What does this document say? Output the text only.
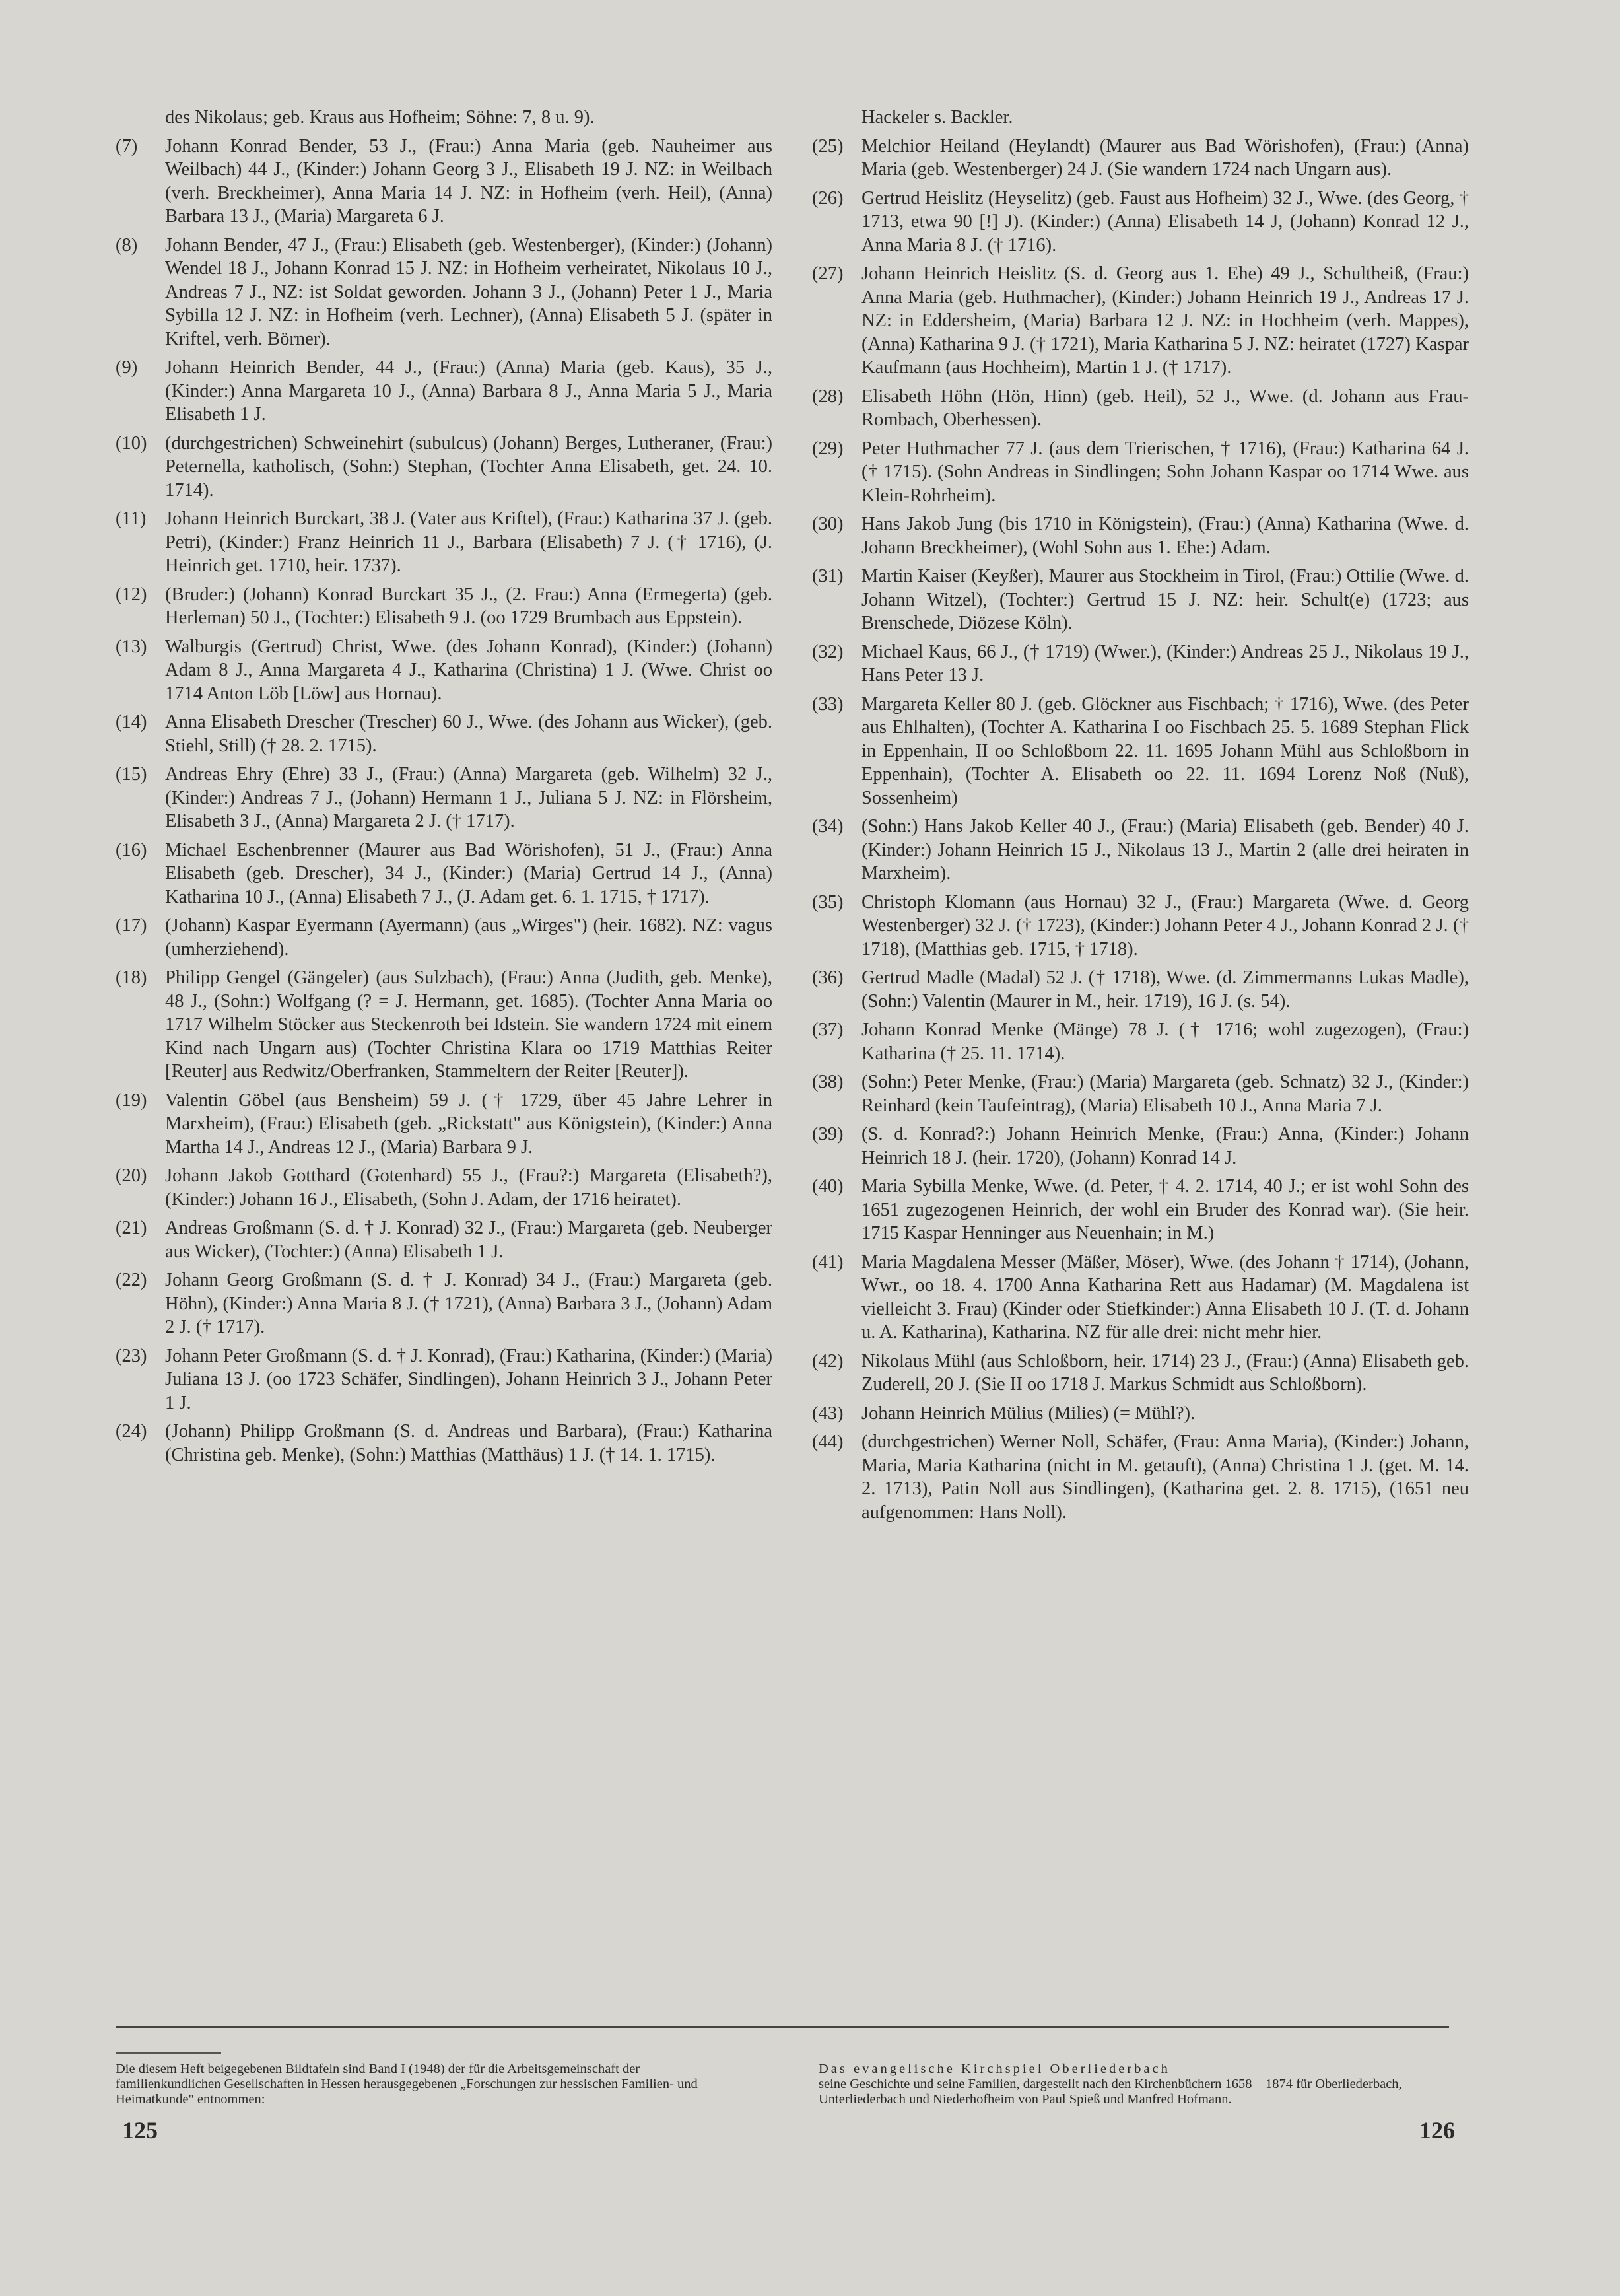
des Nikolaus; geb. Kraus aus Hofheim; Söhne: 7, 8 u. 9).
(7)	Johann Konrad Bender, 53 J., (Frau:) Anna Maria (geb. Nauheimer aus Weilbach) 44 J., (Kinder:) Johann Georg 3 J., Elisabeth 19 J. NZ: in Weilbach (verh. Breckheimer), Anna Maria 14 J. NZ: in Hofheim (verh. Heil), (Anna) Barbara 13 J., (Maria) Margareta 6 J.
(8)	Johann Bender, 47 J., (Frau:) Elisabeth (geb. Westenberger), (Kinder:) (Johann) Wendel 18 J., Johann Konrad 15 J. NZ: in Hofheim verheiratet, Nikolaus 10 J., Andreas 7 J., NZ: ist Soldat geworden. Johann 3 J., (Johann) Peter 1 J., Maria Sybilla 12 J. NZ: in Hofheim (verh. Lechner), (Anna) Elisabeth 5 J. (später in Kriftel, verh. Börner).
(9)	Johann Heinrich Bender, 44 J., (Frau:) (Anna) Maria (geb. Kaus), 35 J., (Kinder:) Anna Margareta 10 J., (Anna) Barbara 8 J., Anna Maria 5 J., Maria Elisabeth 1 J.
(10) (durchgestrichen) Schweinehirt (subulcus) (Johann) Berges, Lutheraner, (Frau:) Peternella, katholisch, (Sohn:) Stephan, (Tochter Anna Elisabeth, get. 24. 10. 1714).
(11)	Johann Heinrich Burckart, 38 J. (Vater aus Kriftel), (Frau:) Katharina 37 J. (geb. Petri), (Kinder:) Franz Heinrich 11 J., Barbara (Elisabeth) 7 J. († 1716), (J. Heinrich get. 1710, heir. 1737).
(12) (Bruder:) (Johann) Konrad Burckart 35 J., (2. Frau:) Anna (Ermegerta) (geb. Herleman) 50 J., (Tochter:) Elisabeth 9 J. (oo 1729 Brumbach aus Eppstein).
(13) Walburgis (Gertrud) Christ, Wwe. (des Johann Konrad), (Kinder:) (Johann) Adam 8 J., Anna Margareta 4 J., Katharina (Christina) 1 J. (Wwe. Christ oo 1714 Anton Löb [Löw] aus Hornau).
(14) Anna Elisabeth Drescher (Trescher) 60 J., Wwe. (des Johann aus Wicker), (geb. Stiehl, Still) († 28. 2. 1715).
(15) Andreas Ehry (Ehre) 33 J., (Frau:) (Anna) Margareta (geb. Wilhelm) 32 J., (Kinder:) Andreas 7 J., (Johann) Hermann 1 J., Juliana 5 J. NZ: in Flörsheim, Elisabeth 3 J., (Anna) Margareta 2 J. († 1717).
(16) Michael Eschenbrenner (Maurer aus Bad Wörishofen), 51 J., (Frau:) Anna Elisabeth (geb. Drescher), 34 J., (Kinder:) (Maria) Gertrud 14 J., (Anna) Katharina 10 J., (Anna) Elisabeth 7 J., (J. Adam get. 6. 1. 1715, † 1717).
(17) (Johann) Kaspar Eyermann (Ayermann) (aus „Wirges") (heir. 1682). NZ: vagus (umherziehend).
(18) Philipp Gengel (Gängeler) (aus Sulzbach), (Frau:) Anna (Judith, geb. Menke), 48 J., (Sohn:) Wolfgang (? = J. Hermann, get. 1685). (Tochter Anna Maria oo 1717 Wilhelm Stöcker aus Steckenroth bei Idstein. Sie wandern 1724 mit einem Kind nach Ungarn aus) (Tochter Christina Klara oo 1719 Matthias Reiter [Reuter] aus Redwitz/Oberfranken, Stammeltern der Reiter [Reuter]).
(19) Valentin Göbel (aus Bensheim) 59 J. († 1729, über 45 Jahre Lehrer in Marxheim), (Frau:) Elisabeth (geb. „Rickstatt" aus Königstein), (Kinder:) Anna Martha 14 J., Andreas 12 J., (Maria) Barbara 9 J.
(20) Johann Jakob Gotthard (Gotenhard) 55 J., (Frau?:) Margareta (Elisabeth?), (Kinder:) Johann 16 J., Elisabeth, (Sohn J. Adam, der 1716 heiratet).
(21) Andreas Großmann (S. d. † J. Konrad) 32 J., (Frau:) Margareta (geb. Neuberger aus Wicker), (Tochter:) (Anna) Elisabeth 1 J.
(22) Johann Georg Großmann (S. d. † J. Konrad) 34 J., (Frau:) Margareta (geb. Höhn), (Kinder:) Anna Maria 8 J. († 1721), (Anna) Barbara 3 J., (Johann) Adam 2 J. († 1717).
(23) Johann Peter Großmann (S. d. † J. Konrad), (Frau:) Katharina, (Kinder:) (Maria) Juliana 13 J. (oo 1723 Schäfer, Sindlingen), Johann Heinrich 3 J., Johann Peter 1 J.
(24) (Johann) Philipp Großmann (S. d. Andreas und Barbara), (Frau:) Katharina (Christina geb. Menke), (Sohn:) Matthias (Matthäus) 1 J. († 14. 1. 1715).
Hackeler s. Backler.
(25) Melchior Heiland (Heylandt) (Maurer aus Bad Wörishofen), (Frau:) (Anna) Maria (geb. Westenberger) 24 J. (Sie wandern 1724 nach Ungarn aus).
(26) Gertrud Heislitz (Heyselitz) (geb. Faust aus Hofheim) 32 J., Wwe. (des Georg, † 1713, etwa 90 [!] J). (Kinder:) (Anna) Elisabeth 14 J, (Johann) Konrad 12 J., Anna Maria 8 J. († 1716).
(27) Johann Heinrich Heislitz (S. d. Georg aus 1. Ehe) 49 J., Schultheiß, (Frau:) Anna Maria (geb. Huthmacher), (Kinder:) Johann Heinrich 19 J., Andreas 17 J. NZ: in Eddersheim, (Maria) Barbara 12 J. NZ: in Hochheim (verh. Mappes), (Anna) Katharina 9 J. († 1721), Maria Katharina 5 J. NZ: heiratet (1727) Kaspar Kaufmann (aus Hochheim), Martin 1 J. († 1717).
(28) Elisabeth Höhn (Hön, Hinn) (geb. Heil), 52 J., Wwe. (d. Johann aus Frau-Rombach, Oberhessen).
(29) Peter Huthmacher 77 J. (aus dem Trierischen, † 1716), (Frau:) Katharina 64 J. († 1715). (Sohn Andreas in Sindlingen; Sohn Johann Kaspar oo 1714 Wwe. aus Klein-Rohrheim).
(30) Hans Jakob Jung (bis 1710 in Königstein), (Frau:) (Anna) Katharina (Wwe. d. Johann Breckheimer), (Wohl Sohn aus 1. Ehe:) Adam.
(31) Martin Kaiser (Keyßer), Maurer aus Stockheim in Tirol, (Frau:) Ottilie (Wwe. d. Johann Witzel), (Tochter:) Gertrud 15 J. NZ: heir. Schult(e) (1723; aus Brenschede, Diözese Köln).
(32) Michael Kaus, 66 J., († 1719) (Wwer.), (Kinder:) Andreas 25 J., Nikolaus 19 J., Hans Peter 13 J.
(33) Margareta Keller 80 J. (geb. Glöckner aus Fischbach; † 1716), Wwe. (des Peter aus Ehlhalten), (Tochter A. Katharina I oo Fischbach 25. 5. 1689 Stephan Flick in Eppenhain, II oo Schloßborn 22. 11. 1695 Johann Mühl aus Schloßborn in Eppenhain), (Tochter A. Elisabeth oo 22. 11. 1694 Lorenz Noß (Nuß), Sossenheim)
(34) (Sohn:) Hans Jakob Keller 40 J., (Frau:) (Maria) Elisabeth (geb. Bender) 40 J. (Kinder:) Johann Heinrich 15 J., Nikolaus 13 J., Martin 2 (alle drei heiraten in Marxheim).
(35) Christoph Klomann (aus Hornau) 32 J., (Frau:) Margareta (Wwe. d. Georg Westenberger) 32 J. († 1723), (Kinder:) Johann Peter 4 J., Johann Konrad 2 J. († 1718), (Matthias geb. 1715, † 1718).
(36) Gertrud Madle (Madal) 52 J. († 1718), Wwe. (d. Zimmermanns Lukas Madle), (Sohn:) Valentin (Maurer in M., heir. 1719), 16 J. (s. 54).
(37) Johann Konrad Menke (Mänge) 78 J. († 1716; wohl zugezogen), (Frau:) Katharina († 25. 11. 1714).
(38) (Sohn:) Peter Menke, (Frau:) (Maria) Margareta (geb. Schnatz) 32 J., (Kinder:) Reinhard (kein Taufeintrag), (Maria) Elisabeth 10 J., Anna Maria 7 J.
(39) (S. d. Konrad?:) Johann Heinrich Menke, (Frau:) Anna, (Kinder:) Johann Heinrich 18 J. (heir. 1720), (Johann) Konrad 14 J.
(40) Maria Sybilla Menke, Wwe. (d. Peter, † 4. 2. 1714, 40 J.; er ist wohl Sohn des 1651 zugezogenen Heinrich, der wohl ein Bruder des Konrad war). (Sie heir. 1715 Kaspar Henninger aus Neuenhain; in M.)
(41) Maria Magdalena Messer (Mäßer, Möser), Wwe. (des Johann † 1714), (Johann, Wwr., oo 18. 4. 1700 Anna Katharina Rett aus Hadamar) (M. Magdalena ist vielleicht 3. Frau) (Kinder oder Stiefkinder:) Anna Elisabeth 10 J. (T. d. Johann u. A. Katharina), Katharina. NZ für alle drei: nicht mehr hier.
(42) Nikolaus Mühl (aus Schloßborn, heir. 1714) 23 J., (Frau:) (Anna) Elisabeth geb. Zuderell, 20 J. (Sie II oo 1718 J. Markus Schmidt aus Schloßborn).
(43) Johann Heinrich Mülius (Milies) (= Mühl?).
(44) (durchgestrichen) Werner Noll, Schäfer, (Frau: Anna Maria), (Kinder:) Johann, Maria, Maria Katharina (nicht in M. getauft), (Anna) Christina 1 J. (get. M. 14. 2. 1713), Patin Noll aus Sindlingen), (Katharina get. 2. 8. 1715), (1651 neu aufgenommen: Hans Noll).
Die diesem Heft beigegebenen Bildtafeln sind Band I (1948) der für die Arbeitsgemeinschaft der familienkundlichen Gesellschaften in Hessen herausgegebenen „Forschungen zur hessischen Familien- und Heimatkunde" entnommen:
Das evangelische Kirchspiel Oberliederbach
seine Geschichte und seine Familien, dargestellt nach den Kirchenbüchern 1658—1874 für Oberliederbach, Unterliederbach und Niederhofheim von Paul Spieß und Manfred Hofmann.
125	126
